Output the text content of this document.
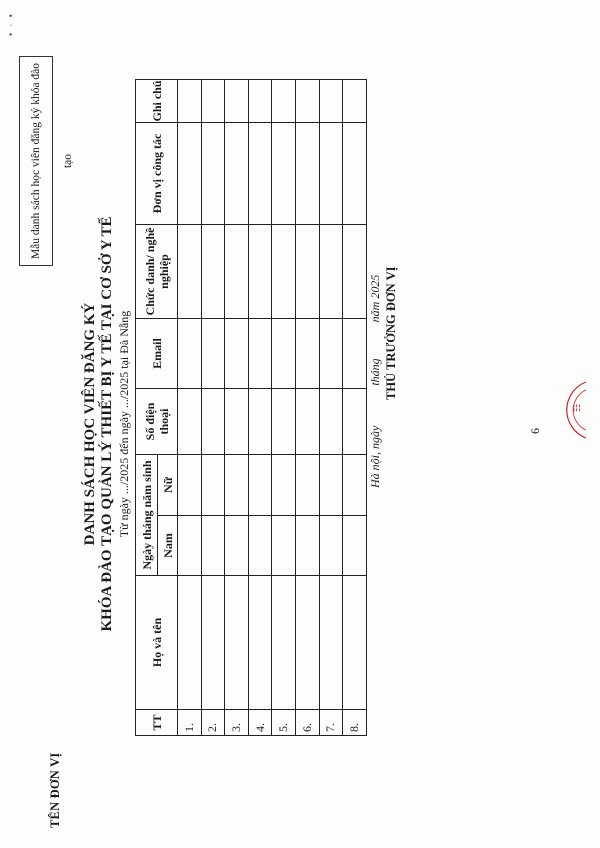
• · •
Mẫu danh sách học viên đăng ký khóa đào tạo
TÊN ĐƠN VỊ
DANH SÁCH HỌC VIÊN ĐĂNG KÝ KHÓA ĐÀO TẠO QUẢN LÝ THIẾT BỊ Y TẾ TẠI CƠ SỞ Y TẾ Từ ngày .../2025 đến ngày .../2025 tại Đà Nẵng
TT	Họ và tên	Ngày tháng năm sinh		Số điện thoại	Email	Chức danh/ nghề nghiệp	Đơn vị công tác	Ghi chú
		Nam	Nữ					
1.								
2.								
3.								
4.								
5.								
6.								
7.								
8.								
Hà nội, ngày  tháng  năm 2025 THỦ TRƯỞNG ĐƠN VỊ
6
☷
